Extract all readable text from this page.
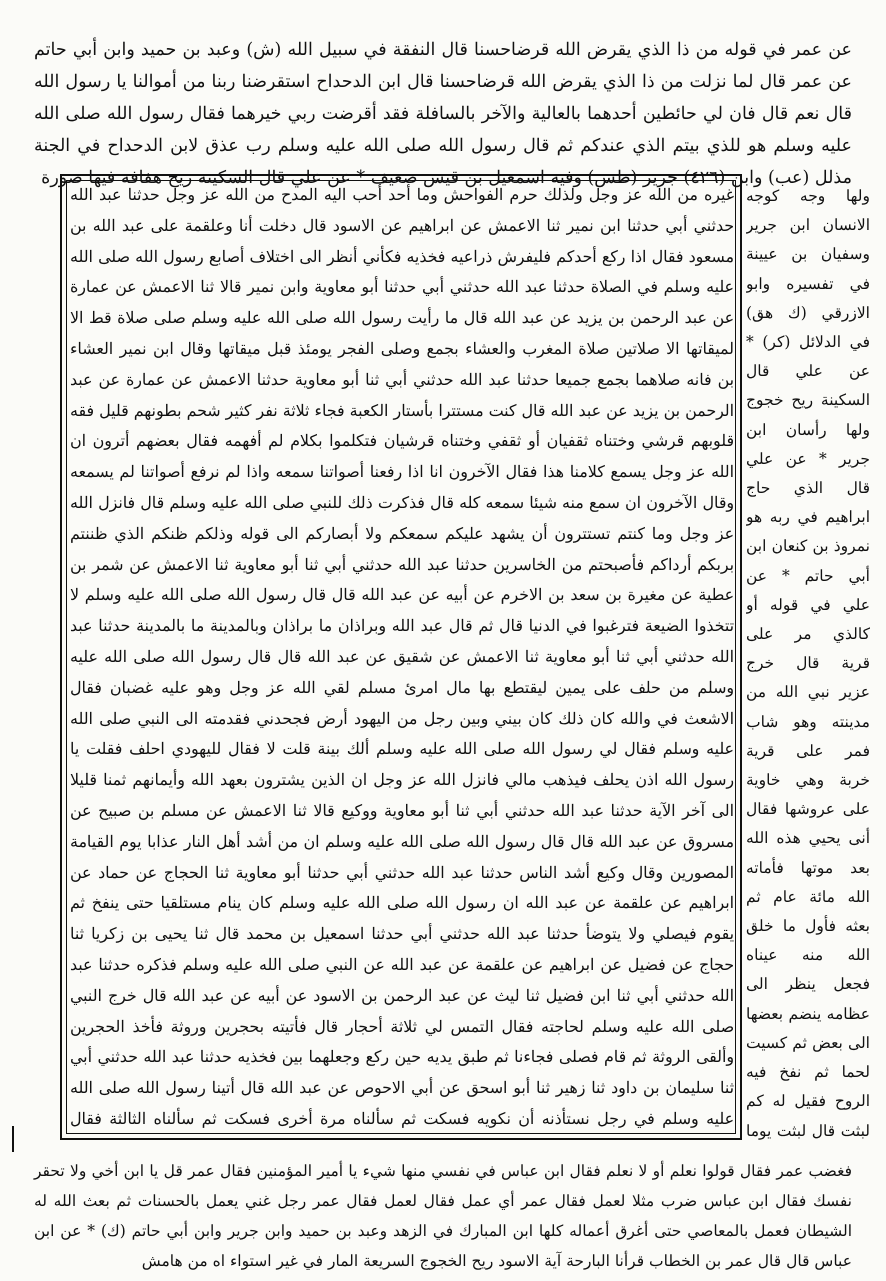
عن عمر في قوله من ذا الذي يقرض الله قرضاحسنا قال النفقة في سبيل الله (ش) وعبد بن حميد وابن أبي حاتم عن عمر قال لما نزلت من ذا الذي يقرض الله قرضاحسنا قال ابن الدحداح استقرضنا ربنا من أموالنا يا رسول الله قال نعم قال فان لي حائطين أحدهما بالعالية والآخر بالسافلة فقد أقرضت ربي خيرهما فقال رسول الله صلى الله عليه وسلم هو للذي بيتم الذي عندكم ثم قال رسول الله صلى الله عليه وسلم رب عذق لابن الدحداح في الجنة مذلل (عب) وابن (٤٢٦) جرير (طس) وفيه اسمعيل بن قيس ضعيف * عن علي قال السكينة ريح هفافة فيها صورة

غيره من الله عز وجل ولذلك حرم الفواحش وما أحد أحب اليه المدح من الله عز وجل حدثنا عبد الله حدثني أبي حدثنا ابن نمير ثنا الاعمش عن ابراهيم عن الاسود قال دخلت أنا وعلقمة على عبد الله بن مسعود فقال اذا ركع أحدكم فليفرش ذراعيه فخذيه فكأني أنظر الى اختلاف أصابع رسول الله صلى الله عليه وسلم في الصلاة حدثنا عبد الله حدثني أبي حدثنا أبو معاوية وابن نمير قالا ثنا الاعمش عن عمارة عن عبد الرحمن بن يزيد عن عبد الله قال ما رأيت رسول الله صلى الله عليه وسلم صلى صلاة قط الا لميقاتها الا صلاتين صلاة المغرب والعشاء بجمع وصلى الفجر يومئذ قبل ميقاتها وقال ابن نمير العشاء بن فانه صلاهما بجمع جميعا حدثنا عبد الله حدثني أبي ثنا أبو معاوية حدثنا الاعمش عن عمارة عن عبد الرحمن بن يزيد عن عبد الله قال كنت مستترا بأستار الكعبة فجاء ثلاثة نفر كثير شحم بطونهم قليل فقه قلوبهم قرشي وختناه ثقفيان أو ثقفي وختناه قرشيان فتكلموا بكلام لم أفهمه فقال بعضهم أترون ان الله عز وجل يسمع كلامنا هذا فقال الآخرون انا اذا رفعنا أصواتنا سمعه واذا لم نرفع أصواتنا لم يسمعه وقال الآخرون ان سمع منه شيئا سمعه كله قال فذكرت ذلك للنبي صلى الله عليه وسلم قال فانزل الله عز وجل وما كنتم تستترون أن يشهد عليكم سمعكم ولا أبصاركم الى قوله وذلكم ظنكم الذي ظننتم بربكم أرداكم فأصبحتم من الخاسرين حدثنا عبد الله حدثني أبي ثنا أبو معاوية ثنا الاعمش عن شمر بن عطية عن مغيرة بن سعد بن الاخرم عن أبيه عن عبد الله قال قال رسول الله صلى الله عليه وسلم لا تتخذوا الضيعة فترغبوا في الدنيا قال ثم قال عبد الله وبراذان ما براذان وبالمدينة ما بالمدينة حدثنا عبد الله حدثني أبي ثنا أبو معاوية ثنا الاعمش عن شقيق عن عبد الله قال قال رسول الله صلى الله عليه وسلم من حلف على يمين ليقتطع بها مال امرئ مسلم لقي الله عز وجل وهو عليه غضبان فقال الاشعث في والله كان ذلك كان بيني وبين رجل من اليهود أرض فجحدني فقدمته الى النبي صلى الله عليه وسلم فقال لي رسول الله صلى الله عليه وسلم ألك بينة قلت لا فقال لليهودي احلف فقلت يا رسول الله اذن يحلف فيذهب مالي فانزل الله عز وجل ان الذين يشترون بعهد الله وأيمانهم ثمنا قليلا الى آخر الآية حدثنا عبد الله حدثني أبي ثنا أبو معاوية ووكيع قالا ثنا الاعمش عن مسلم بن صبيح عن مسروق عن عبد الله قال قال رسول الله صلى الله عليه وسلم ان من أشد أهل النار عذابا يوم القيامة المصورين وقال وكيع أشد الناس حدثنا عبد الله حدثني أبي حدثنا أبو معاوية ثنا الحجاج عن حماد عن ابراهيم عن علقمة عن عبد الله ان رسول الله صلى الله عليه وسلم كان ينام مستلقيا حتى ينفخ ثم يقوم فيصلي ولا يتوضأ حدثنا عبد الله حدثني أبي حدثنا اسمعيل بن محمد قال ثنا يحيى بن زكريا ثنا حجاج عن فضيل عن ابراهيم عن علقمة عن عبد الله عن النبي صلى الله عليه وسلم فذكره حدثنا عبد الله حدثني أبي ثنا ابن فضيل ثنا ليث عن عبد الرحمن بن الاسود عن أبيه عن عبد الله قال خرج النبي صلى الله عليه وسلم لحاجته فقال التمس لي ثلاثة أحجار قال فأتيته بحجرين وروثة فأخذ الحجرين وألقى الروثة ثم قام فصلى فجاءنا ثم طبق يديه حين ركع وجعلهما بين فخذيه حدثنا عبد الله حدثني أبي ثنا سليمان بن داود ثنا زهير ثنا أبو اسحق عن أبي الاحوص عن عبد الله قال أتينا رسول الله صلى الله عليه وسلم في رجل نستأذنه أن نكويه فسكت ثم سألناه مرة أخرى فسكت ثم سألناه الثالثة فقال

ولها وجه كوجه الانسان ابن جرير وسفيان بن عيينة في تفسيره وابو الازرقي (ك هق) في الدلائل (كر) * عن علي قال السكينة ريح خجوج ولها رأسان ابن جرير * عن علي قال الذي حاج ابراهيم في ربه هو نمروذ بن كنعان ابن أبي حاتم * عن علي في قوله أو كالذي مر على قرية قال خرج عزير نبي الله من مدينته وهو شاب فمر على قرية خربة وهي خاوية على عروشها فقال أنى يحيي هذه الله بعد موتها فأماته الله مائة عام ثم بعثه فأول ما خلق الله منه عيناه فجعل ينظر الى عظامه ينضم بعضها الى بعض ثم كسيت لحما ثم نفخ فيه الروح فقيل له كم لبثت قال لبثت يوما

فغضب عمر فقال قولوا نعلم أو لا نعلم فقال ابن عباس في نفسي منها شيء يا أمير المؤمنين فقال عمر قل يا ابن أخي ولا تحقر نفسك فقال ابن عباس ضرب مثلا لعمل فقال عمر أي عمل فقال لعمل فقال عمر رجل غني يعمل بالحسنات ثم بعث الله له الشيطان فعمل بالمعاصي حتى أغرق أعماله كلها ابن المبارك في الزهد وعبد بن حميد وابن جرير وابن أبي حاتم (ك) * عن ابن عباس قال قال عمر بن الخطاب قرأنا البارحة آية الاسود ريح الخجوج السريعة المار في غير استواء اه من هامش
